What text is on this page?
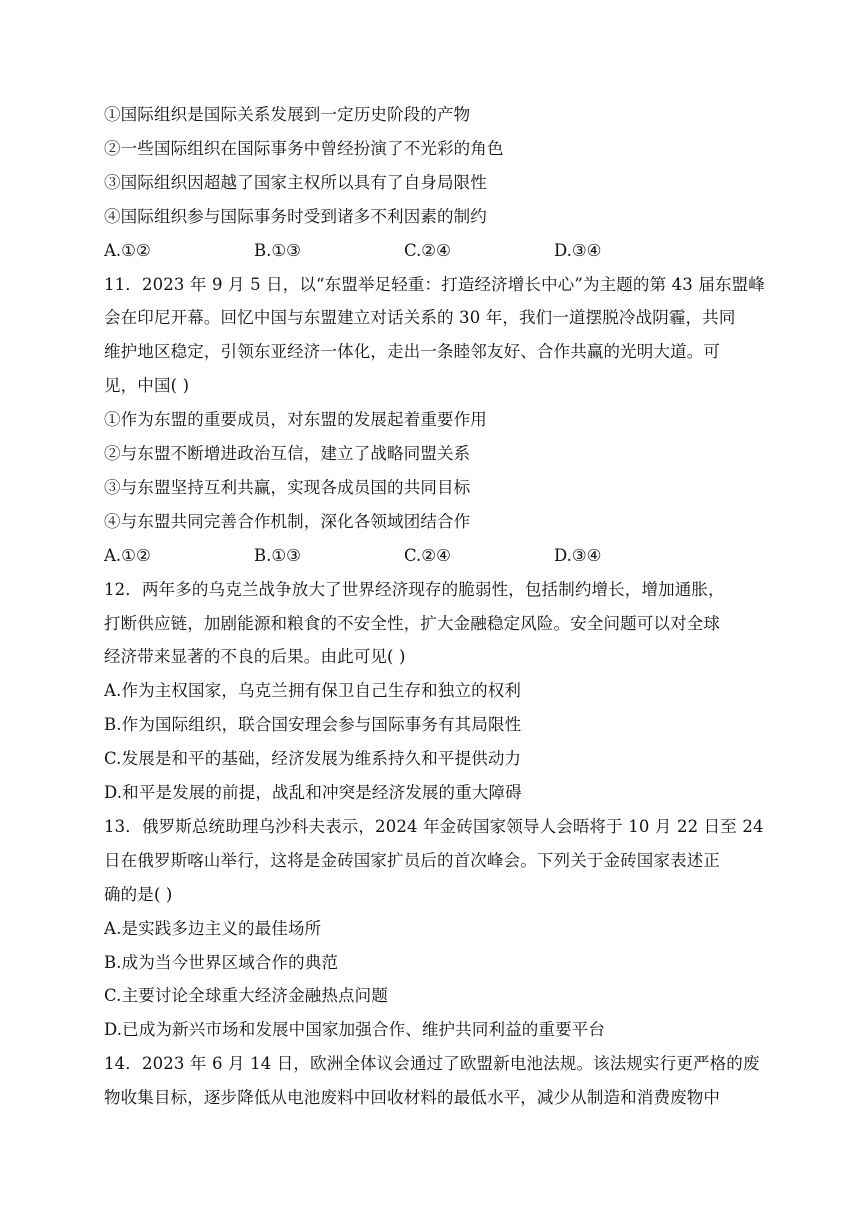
①国际组织是国际关系发展到一定历史阶段的产物
②一些国际组织在国际事务中曾经扮演了不光彩的角色
③国际组织因超越了国家主权所以具有了自身局限性
④国际组织参与国际事务时受到诸多不利因素的制约
A.①②	B.①③	C.②④	D.③④
11．2023 年 9 月 5 日，以“东盟举足轻重：打造经济增长中心”为主题的第 43 届东盟峰
会在印尼开幕。回忆中国与东盟建立对话关系的 30 年，我们一道摆脱冷战阴霾，共同
维护地区稳定，引领东亚经济一体化，走出一条睦邻友好、合作共赢的光明大道。可
见，中国( )
①作为东盟的重要成员，对东盟的发展起着重要作用
②与东盟不断增进政治互信，建立了战略同盟关系
③与东盟坚持互利共赢，实现各成员国的共同目标
④与东盟共同完善合作机制，深化各领域团结合作
A.①②	B.①③	C.②④	D.③④
12．两年多的乌克兰战争放大了世界经济现存的脆弱性，包括制约增长，增加通胀，
打断供应链，加剧能源和粮食的不安全性，扩大金融稳定风险。安全问题可以对全球
经济带来显著的不良的后果。由此可见( )
A.作为主权国家，乌克兰拥有保卫自己生存和独立的权利
B.作为国际组织，联合国安理会参与国际事务有其局限性
C.发展是和平的基础，经济发展为维系持久和平提供动力
D.和平是发展的前提，战乱和冲突是经济发展的重大障碍
13．俄罗斯总统助理乌沙科夫表示，2024 年金砖国家领导人会晤将于 10 月 22 日至 24
日在俄罗斯喀山举行，这将是金砖国家扩员后的首次峰会。下列关于金砖国家表述正
确的是( )
A.是实践多边主义的最佳场所
B.成为当今世界区域合作的典范
C.主要讨论全球重大经济金融热点问题
D.已成为新兴市场和发展中国家加强合作、维护共同利益的重要平台
14．2023 年 6 月 14 日，欧洲全体议会通过了欧盟新电池法规。该法规实行更严格的废
物收集目标，逐步降低从电池废料中回收材料的最低水平，减少从制造和消费废物中
